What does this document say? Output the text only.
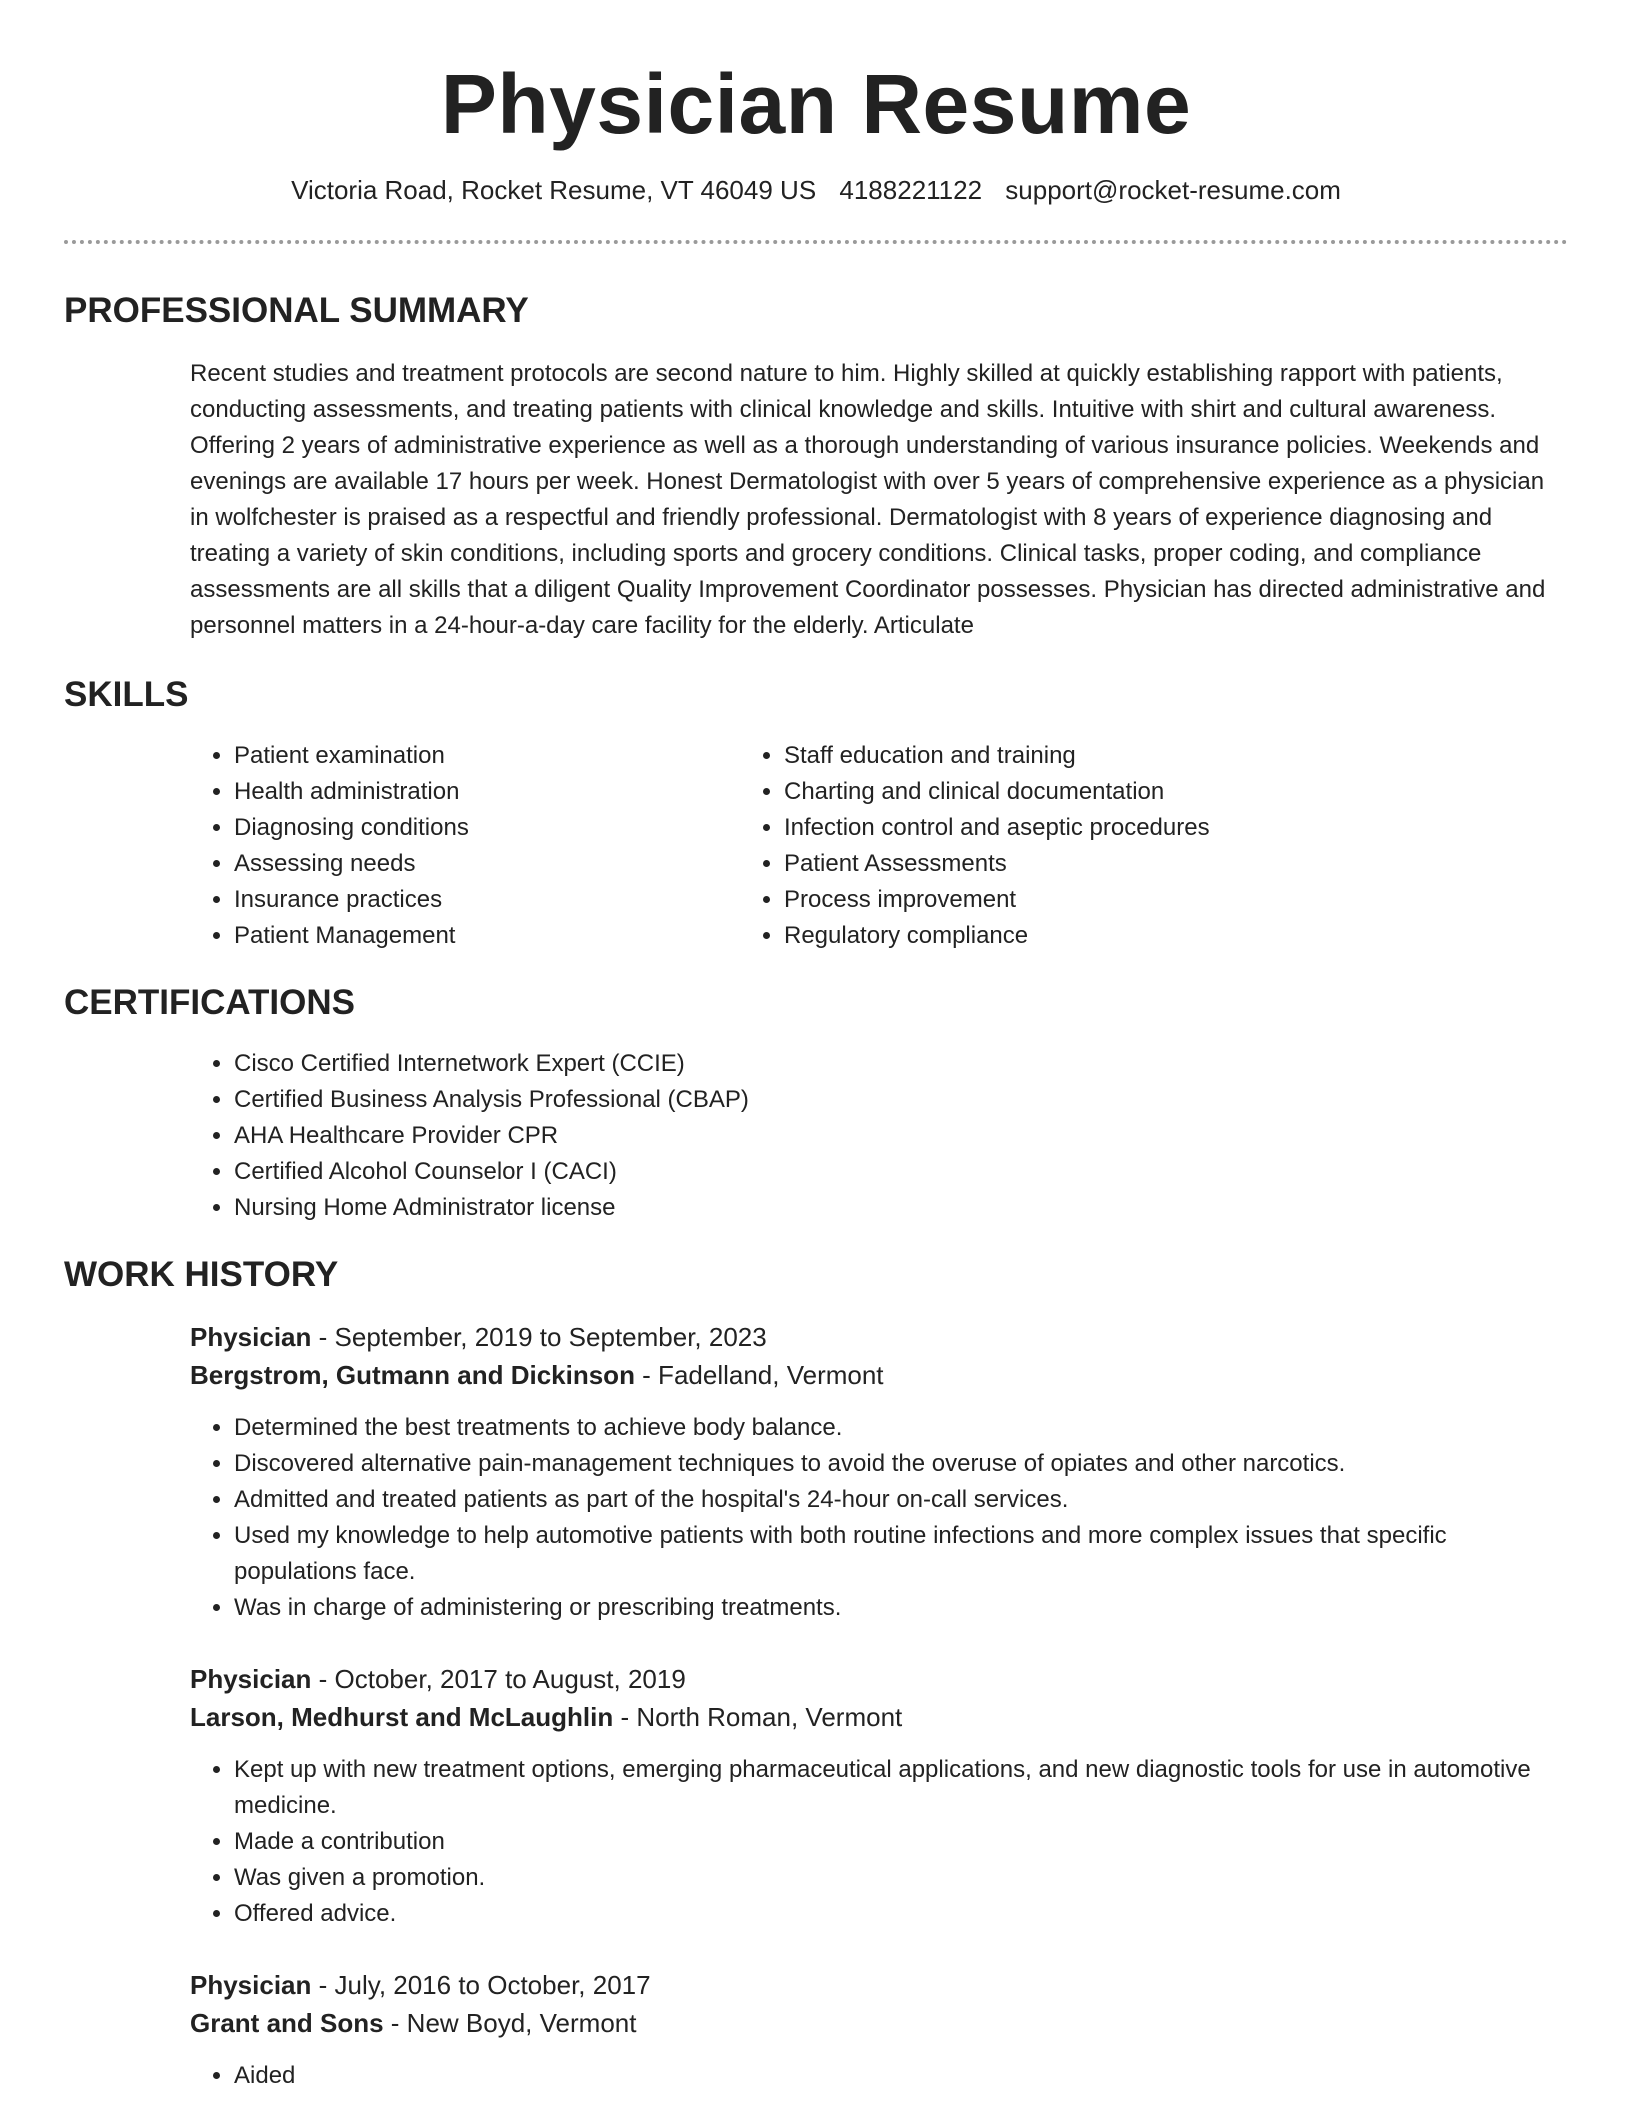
Physician Resume
Victoria Road, Rocket Resume, VT 46049 US 4188221122 support@rocket-resume.com
PROFESSIONAL SUMMARY
Recent studies and treatment protocols are second nature to him. Highly skilled at quickly establishing rapport with patients, conducting assessments, and treating patients with clinical knowledge and skills. Intuitive with shirt and cultural awareness. Offering 2 years of administrative experience as well as a thorough understanding of various insurance policies. Weekends and evenings are available 17 hours per week. Honest Dermatologist with over 5 years of comprehensive experience as a physician in wolfchester is praised as a respectful and friendly professional. Dermatologist with 8 years of experience diagnosing and treating a variety of skin conditions, including sports and grocery conditions. Clinical tasks, proper coding, and compliance assessments are all skills that a diligent Quality Improvement Coordinator possesses. Physician has directed administrative and personnel matters in a 24-hour-a-day care facility for the elderly. Articulate
SKILLS
• Patient examination
• Health administration
• Diagnosing conditions
• Assessing needs
• Insurance practices
• Patient Management
• Staff education and training
• Charting and clinical documentation
• Infection control and aseptic procedures
• Patient Assessments
• Process improvement
• Regulatory compliance
CERTIFICATIONS
• Cisco Certified Internetwork Expert (CCIE)
• Certified Business Analysis Professional (CBAP)
• AHA Healthcare Provider CPR
• Certified Alcohol Counselor I (CACI)
• Nursing Home Administrator license
WORK HISTORY
Physician - September, 2019 to September, 2023
Bergstrom, Gutmann and Dickinson - Fadelland, Vermont
• Determined the best treatments to achieve body balance.
• Discovered alternative pain-management techniques to avoid the overuse of opiates and other narcotics.
• Admitted and treated patients as part of the hospital's 24-hour on-call services.
• Used my knowledge to help automotive patients with both routine infections and more complex issues that specific populations face.
• Was in charge of administering or prescribing treatments.
Physician - October, 2017 to August, 2019
Larson, Medhurst and McLaughlin - North Roman, Vermont
• Kept up with new treatment options, emerging pharmaceutical applications, and new diagnostic tools for use in automotive medicine.
• Made a contribution
• Was given a promotion.
• Offered advice.
Physician - July, 2016 to October, 2017
Grant and Sons - New Boyd, Vermont
• Aided
